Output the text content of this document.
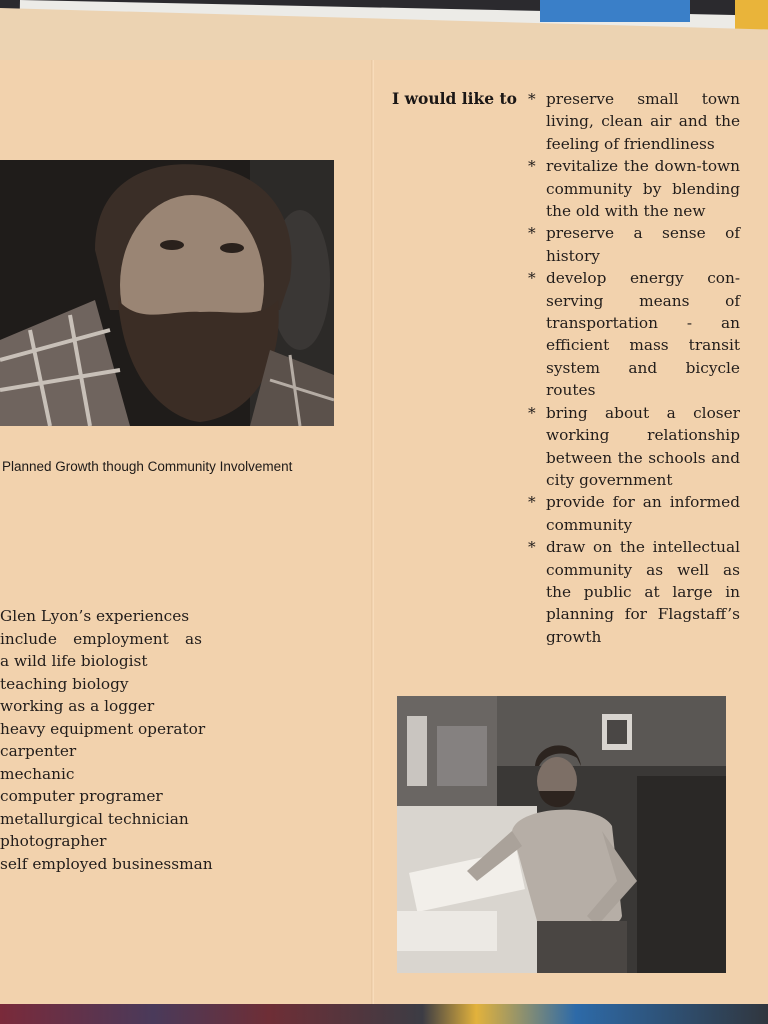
Planned Growth though Community Involvement
Glen Lyon’s experiences
include employment as
a wild life biologist
teaching biology
working as a logger
heavy equipment operator
carpenter
mechanic
computer programer
metallurgical technician
photographer
self employed businessman
I would like to * preserve small town living, clean air and the feeling of friendliness
* revitalize the down-town community by blending the old with the new
* preserve a sense of history
* develop energy con-serving means of transportation - an efficient mass transit system and bicycle routes
* bring about a closer working relationship between the schools and city government
* provide for an informed community
* draw on the intellectual community as well as the public at large in planning for Flagstaff’s growth
